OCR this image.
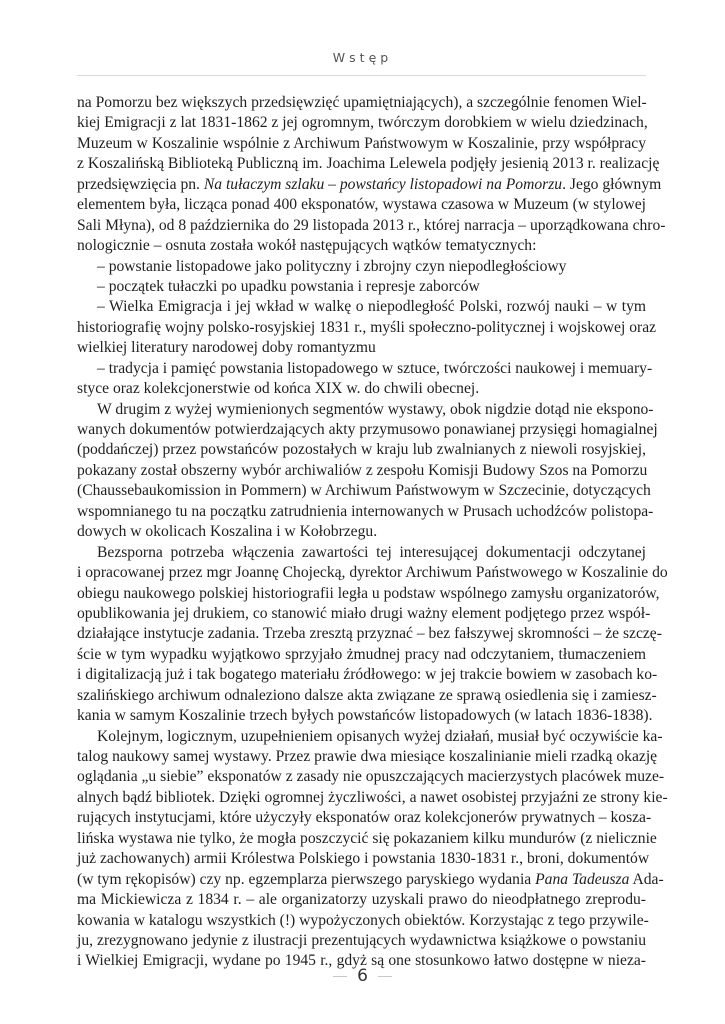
Wstęp
na Pomorzu bez większych przedsięwzięć upamiętniających), a szczególnie fenomen Wiel-
kiej Emigracji z lat 1831-1862 z jej ogromnym, twórczym dorobkiem w wielu dziedzinach,
Muzeum w Koszalinie wspólnie z Archiwum Państwowym w Koszalinie, przy współpracy
z Koszalińską Biblioteką Publiczną im. Joachima Lelewela podjęły jesienią 2013 r. realizację
przedsięwzięcia pn. Na tułaczym szlaku – powstańcy listopadowi na Pomorzu. Jego głównym
elementem była, licząca ponad 400 eksponatów, wystawa czasowa w Muzeum (w stylowej
Sali Młyna), od 8 października do 29 listopada 2013 r., której narracja – uporządkowana chro-
nologicznie – osnuta została wokół następujących wątków tematycznych:
– powstanie listopadowe jako polityczny i zbrojny czyn niepodległościowy
– początek tułaczki po upadku powstania i represje zaborców
– Wielka Emigracja i jej wkład w walkę o niepodległość Polski, rozwój nauki – w tym
historiografię wojny polsko-rosyjskiej 1831 r., myśli społeczno-politycznej i wojskowej oraz
wielkiej literatury narodowej doby romantyzmu
– tradycja i pamięć powstania listopadowego w sztuce, twórczości naukowej i memuary-
styce oraz kolekcjonerstwie od końca XIX w. do chwili obecnej.
W drugim z wyżej wymienionych segmentów wystawy, obok nigdzie dotąd nie ekspono-
wanych dokumentów potwierdzających akty przymusowo ponawianej przysięgi homagialnej
(poddańczej) przez powstańców pozostałych w kraju lub zwalnianych z niewoli rosyjskiej,
pokazany został obszerny wybór archiwaliów z zespołu Komisji Budowy Szos na Pomorzu
(Chaussebaukomission in Pommern) w Archiwum Państwowym w Szczecinie, dotyczących
wspomnianego tu na początku zatrudnienia internowanych w Prusach uchodźców polistopa-
dowych w okolicach Koszalina i w Kołobrzegu.
Bezsporna potrzeba włączenia zawartości tej interesującej dokumentacji odczytanej
i opracowanej przez mgr Joannę Chojecką, dyrektor Archiwum Państwowego w Koszalinie do
obiegu naukowego polskiej historiografii legła u podstaw wspólnego zamysłu organizatorów,
opublikowania jej drukiem, co stanowić miało drugi ważny element podjętego przez współ-
działające instytucje zadania. Trzeba zresztą przyznać – bez fałszywej skromności – że szczę-
ście w tym wypadku wyjątkowo sprzyjało żmudnej pracy nad odczytaniem, tłumaczeniem
i digitalizacją już i tak bogatego materiału źródłowego: w jej trakcie bowiem w zasobach ko-
szalińskiego archiwum odnaleziono dalsze akta związane ze sprawą osiedlenia się i zamiesz-
kania w samym Koszalinie trzech byłych powstańców listopadowych (w latach 1836-1838).
Kolejnym, logicznym, uzupełnieniem opisanych wyżej działań, musiał być oczywiście ka-
talog naukowy samej wystawy. Przez prawie dwa miesiące koszalinianie mieli rzadką okazję
oglądania „u siebie” eksponatów z zasady nie opuszczających macierzystych placówek muze-
alnych bądź bibliotek. Dzięki ogromnej życzliwości, a nawet osobistej przyjaźni ze strony kie-
rujących instytucjami, które użyczyły eksponatów oraz kolekcjonerów prywatnych – kosza-
lińska wystawa nie tylko, że mogła poszczycić się pokazaniem kilku mundurów (z nielicznie
już zachowanych) armii Królestwa Polskiego i powstania 1830-1831 r., broni, dokumentów
(w tym rękopisów) czy np. egzemplarza pierwszego paryskiego wydania Pana Tadeusza Ada-
ma Mickiewicza z 1834 r. – ale organizatorzy uzyskali prawo do nieodpłatnego zreprodu-
kowania w katalogu wszystkich (!) wypożyczonych obiektów. Korzystając z tego przywile-
ju, zrezygnowano jedynie z ilustracji prezentujących wydawnictwa książkowe o powstaniu
i Wielkiej Emigracji, wydane po 1945 r., gdyż są one stosunkowo łatwo dostępne w nieza-
6
